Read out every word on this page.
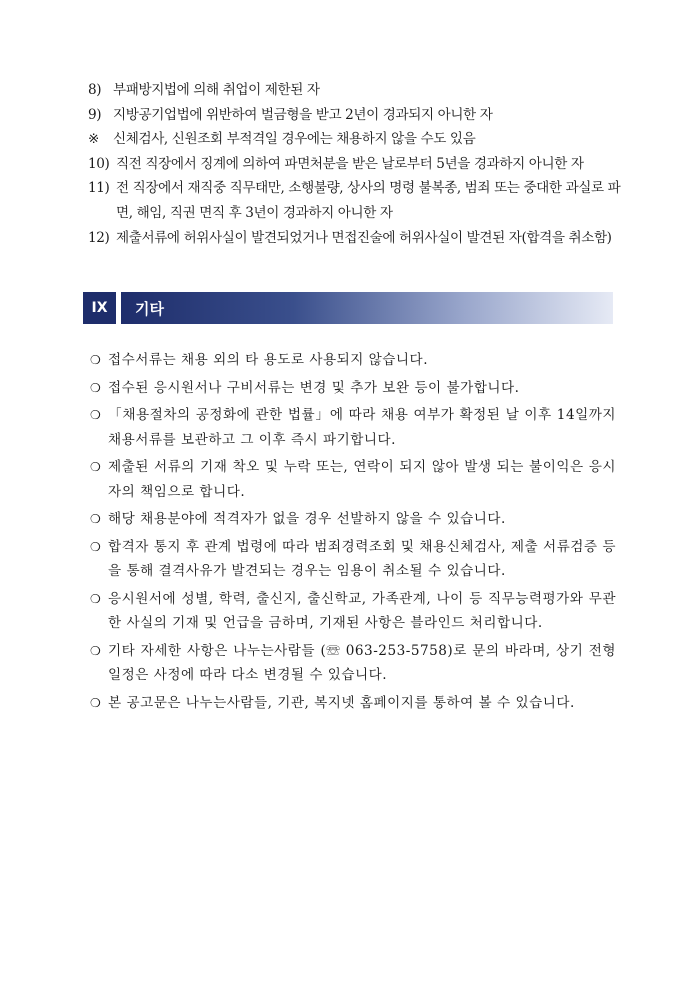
8) 부패방지법에 의해 취업이 제한된 자
9) 지방공기업법에 위반하여 벌금형을 받고 2년이 경과되지 아니한 자
※	신체검사, 신원조회 부적격일 경우에는 채용하지 않을 수도 있음
10) 직전 직장에서 징계에 의하여 파면처분을 받은 날로부터 5년을 경과하지 아니한 자
11) 전 직장에서 재직중 직무태만, 소행불량, 상사의 명령 불복종, 범죄 또는 중대한 과실로 파면, 해임, 직권 면직 후 3년이 경과하지 아니한 자
12) 제출서류에 허위사실이 발견되었거나 면접진술에 허위사실이 발견된 자(합격을 취소함)
IX	기타
❍ 접수서류는 채용 외의 타 용도로 사용되지 않습니다.
❍ 접수된 응시원서나 구비서류는 변경 및 추가 보완 등이 불가합니다.
❍ 「채용절차의 공정화에 관한 법률」에 따라 채용 여부가 확정된 날 이후 14일까지 채용서류를 보관하고 그 이후 즉시 파기합니다.
❍ 제출된 서류의 기재 착오 및 누락 또는, 연락이 되지 않아 발생 되는 불이익은 응시자의 책임으로 합니다.
❍ 해당 채용분야에 적격자가 없을 경우 선발하지 않을 수 있습니다.
❍ 합격자 통지 후 관계 법령에 따라 범죄경력조회 및 채용신체검사, 제출 서류검증 등을 통해 결격사유가 발견되는 경우는 임용이 취소될 수 있습니다.
❍ 응시원서에 성별, 학력, 출신지, 출신학교, 가족관계, 나이 등 직무능력평가와 무관한 사실의 기재 및 언급을 금하며, 기재된 사항은 블라인드 처리합니다.
❍ 기타 자세한 사항은 나누는사람들 (☏ 063-253-5758)로 문의 바라며, 상기 전형 일정은 사정에 따라 다소 변경될 수 있습니다.
❍ 본 공고문은 나누는사람들, 기관, 복지넷 홈페이지를 통하여 볼 수 있습니다.
